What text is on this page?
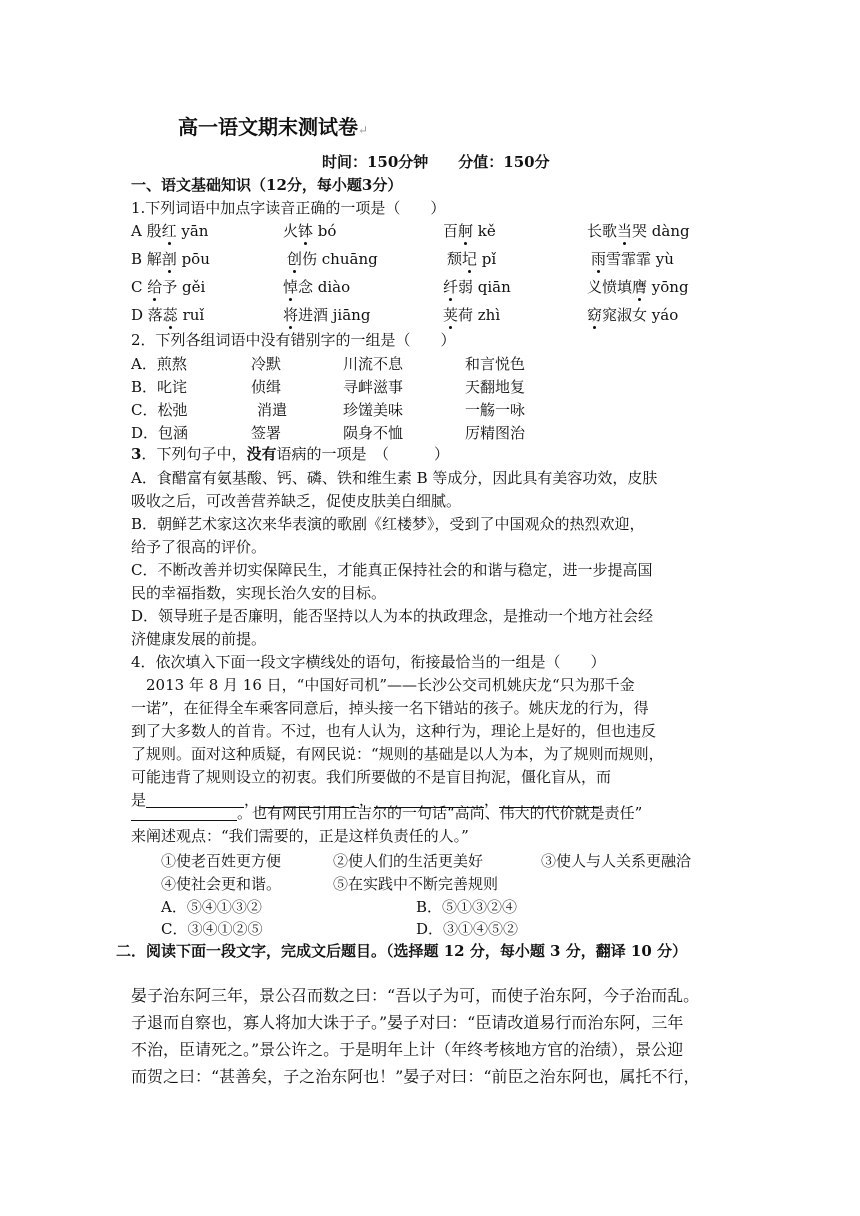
高一语文期末测试卷↵
时间：150分钟　　分值：150分
一、语文基础知识（12分，每小题3分）
1.下列词语中加点字读音正确的一项是（　　）
A 殷红 yān	火钵 bó	百舸 kě	长歌当哭 dàng
B 解剖 pōu	创伤 chuāng	颓圮 pǐ	雨雪霏霏 yù
C 给予 gěi	悼念 diào	纤弱 qiān	义愤填膺 yōng
D 落蕊 ruǐ	将进酒 jiāng	荚荷 zhì	窈窕淑女 yáo
2．下列各组词语中没有错别字的一组是（　　）
A．煎熬	冷默	川流不息	和言悦色
B．叱诧	侦缉	寻衅滋事	天翻地复
C．松弛	消遣	珍馐美味	一觞一咏
D．包涵	签署	陨身不恤	厉精图治
3．下列句子中，没有语病的一项是　（　　　）
A．食醋富有氨基酸、钙、磷、铁和维生素 B 等成分，因此具有美容功效，皮肤
吸收之后，可改善营养缺乏，促使皮肤美白细腻。
B．朝鲜艺术家这次来华表演的歌剧《红楼梦》，受到了中国观众的热烈欢迎，
给予了很高的评价。
C．不断改善并切实保障民生，才能真正保持社会的和谐与稳定，进一步提高国
民的幸福指数，实现长治久安的目标。
D．领导班子是否廉明，能否坚持以人为本的执政理念，是推动一个地方社会经
济健康发展的前提。
4．依次填入下面一段文字横线处的语句，衔接最恰当的一组是（　　）
　2013 年 8 月 16 日，“中国好司机”——长沙公交司机姚庆龙“只为那千金
一诺”，在征得全车乘客同意后，掉头接一名下错站的孩子。姚庆龙的行为，得
到了大多数人的首肯。不过，也有人认为，这种行为，理论上是好的，但也违反
了规则。面对这种质疑，有网民说：“规则的基础是以人为本，为了规则而规则，
可能违背了规则设立的初衷。我们所要做的不是盲目拘泥，僵化盲从，而
是	，	，	，
。也有网民引用丘吉尔的一句话“高尚、伟大的代价就是责任”
来阐述观点：“我们需要的，正是这样负责任的人。”
①使老百姓更方便	②使人们的生活更美好	③使人与人关系更融洽
④使社会更和谐。	⑤在实践中不断完善规则
A．⑤④①③②	B．⑤①③②④
C．③④①②⑤	D．③①④⑤②
二．阅读下面一段文字，完成文后题目。（选择题 12 分，每小题 3 分，翻译 10 分）
晏子治东阿三年，景公召而数之曰：“吾以子为可，而使子治东阿，今子治而乱。
子退而自察也，寡人将加大诛于子。”晏子对曰：“臣请改道易行而治东阿，三年
不治，臣请死之。”景公许之。于是明年上计（年终考核地方官的治绩），景公迎
而贺之曰：“甚善矣，子之治东阿也！”晏子对曰：“前臣之治东阿也，属托不行，
